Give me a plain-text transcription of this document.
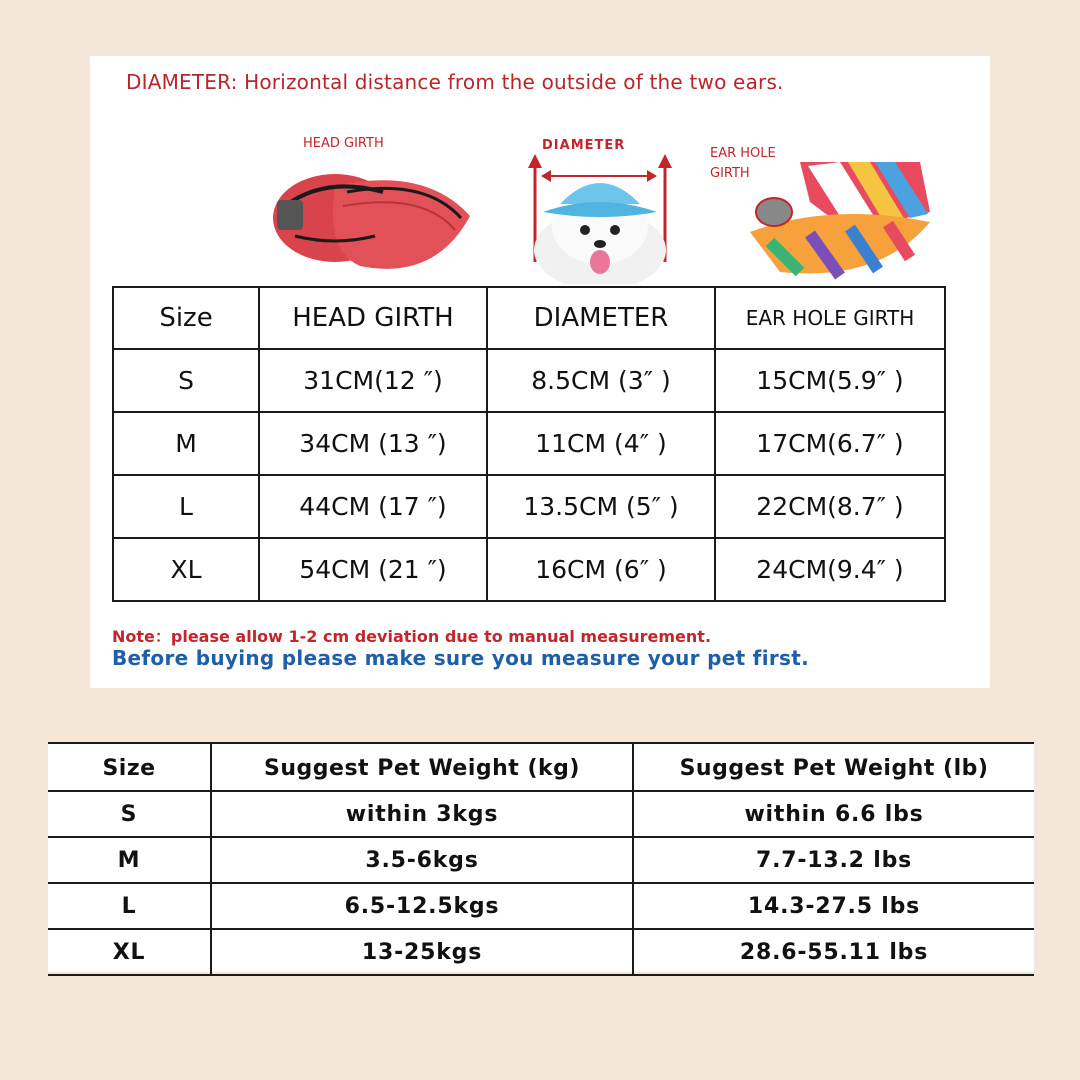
DIAMETER: Horizontal distance from the outside of the two ears.
HEAD GIRTH	DIAMETER
EAR HOLE
GIRTH
Size	HEAD GIRTH	DIAMETER	EAR HOLE GIRTH
S	31CM(12 ″)	8.5CM (3″ )	15CM(5.9″ )
M	34CM (13 ″)	11CM (4″ )	17CM(6.7″ )
L	44CM (17 ″)	13.5CM (5″ )	22CM(8.7″ )
XL	54CM (21 ″)	16CM (6″ )	24CM(9.4″ )
Note：please allow 1-2 cm deviation due to manual measurement.
Before buying please make sure you measure your pet first.
Size	Suggest Pet Weight (kg)	Suggest Pet Weight (lb)
S	within 3kgs	within 6.6 lbs
M	3.5-6kgs	7.7-13.2 lbs
L	6.5-12.5kgs	14.3-27.5 lbs
XL	13-25kgs	28.6-55.11 lbs
